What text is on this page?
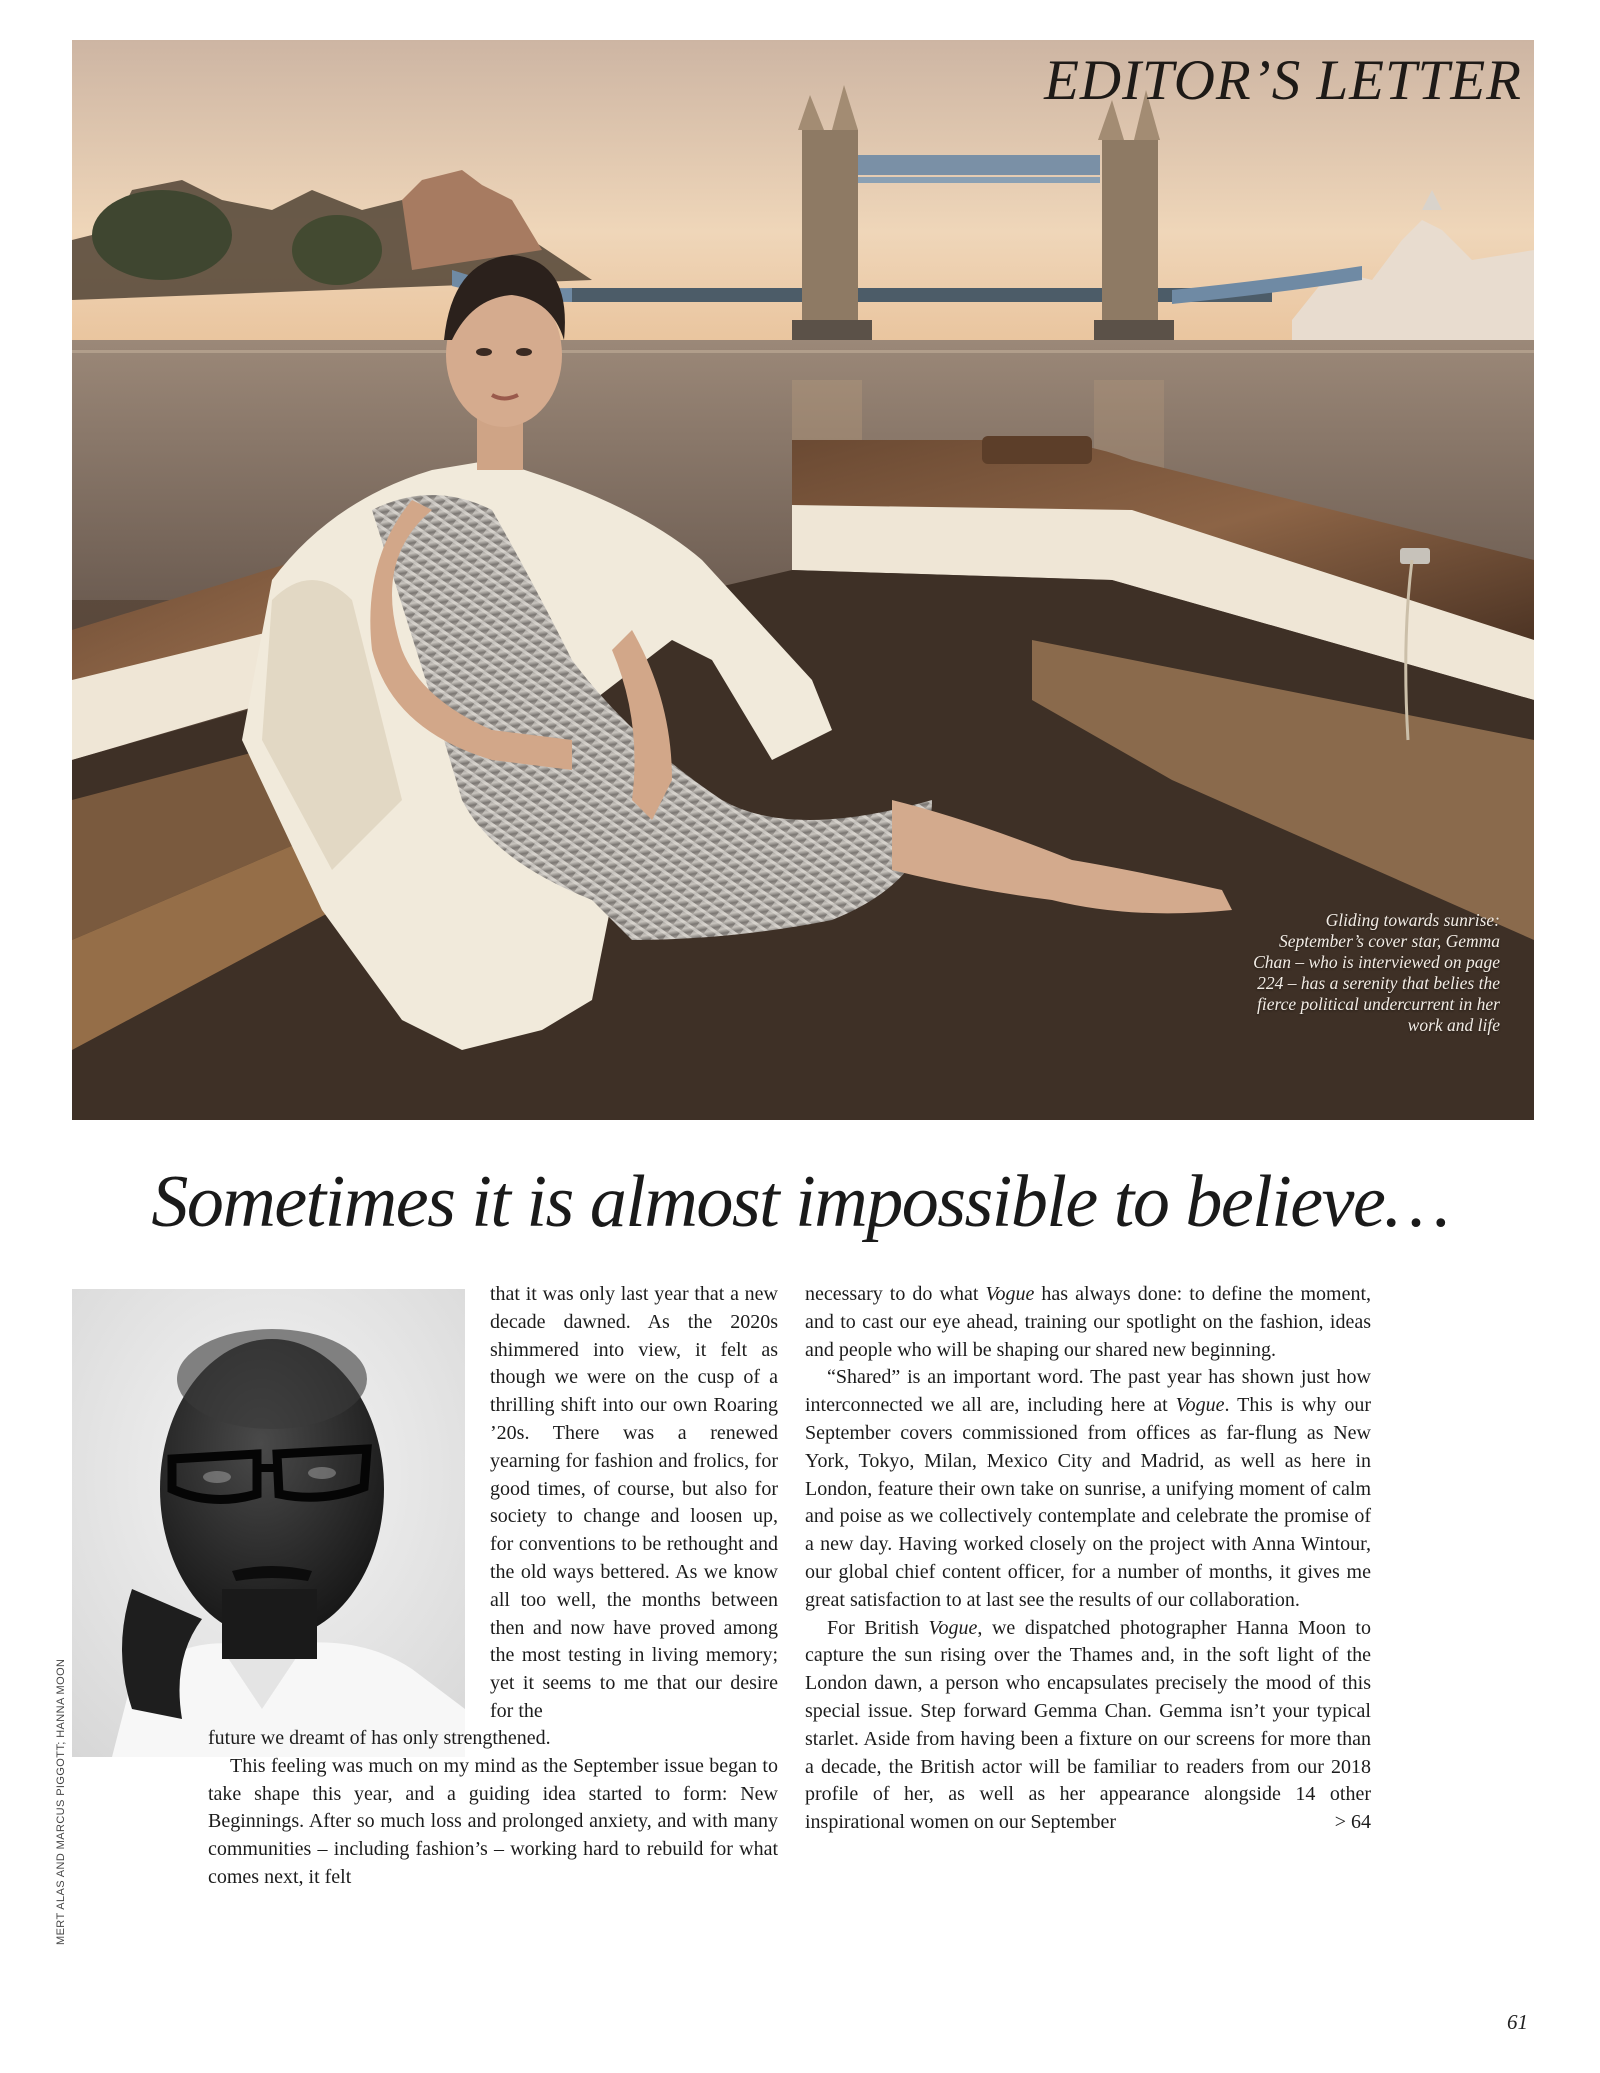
EDITOR’S LETTER

Gliding towards sunrise: September’s cover star, Gemma Chan – who is interviewed on page 224 – has a serenity that belies the fierce political undercurrent in her work and life

Sometimes it is almost impossible to believe…

MERT ALAS AND MARCUS PIGGOTT; HANNA MOON

that it was only last year that a new decade dawned. As the 2020s shimmered into view, it felt as though we were on the cusp of a thrilling shift into our own Roaring ’20s. There was a renewed yearning for fashion and frolics, for good times, of course, but also for society to change and loosen up, for conventions to be rethought and the old ways bettered. As we know all too well, the months between then and now have proved among the most testing in living memory; yet it seems to me that our desire for the

future we dreamt of has only strengthened.

This feeling was much on my mind as the September issue began to take shape this year, and a guiding idea started to form: New Beginnings. After so much loss and prolonged anxiety, and with many communities – including fashion’s – working hard to rebuild for what comes next, it felt

necessary to do what Vogue has always done: to define the moment, and to cast our eye ahead, training our spotlight on the fashion, ideas and people who will be shaping our shared new beginning.

“Shared” is an important word. The past year has shown just how interconnected we all are, including here at Vogue. This is why our September covers commissioned from offices as far-flung as New York, Tokyo, Milan, Mexico City and Madrid, as well as here in London, feature their own take on sunrise, a unifying moment of calm and poise as we collectively contemplate and celebrate the promise of a new day. Having worked closely on the project with Anna Wintour, our global chief content officer, for a number of months, it gives me great satisfaction to at last see the results of our collaboration.

For British Vogue, we dispatched photographer Hanna Moon to capture the sun rising over the Thames and, in the soft light of the London dawn, a person who encapsulates precisely the mood of this special issue. Step forward Gemma Chan. Gemma isn’t your typical starlet. Aside from having been a fixture on our screens for more than a decade, the British actor will be familiar to readers from our 2018 profile of her, as well as her appearance alongside 14 other inspirational women on our September	> 64

61
